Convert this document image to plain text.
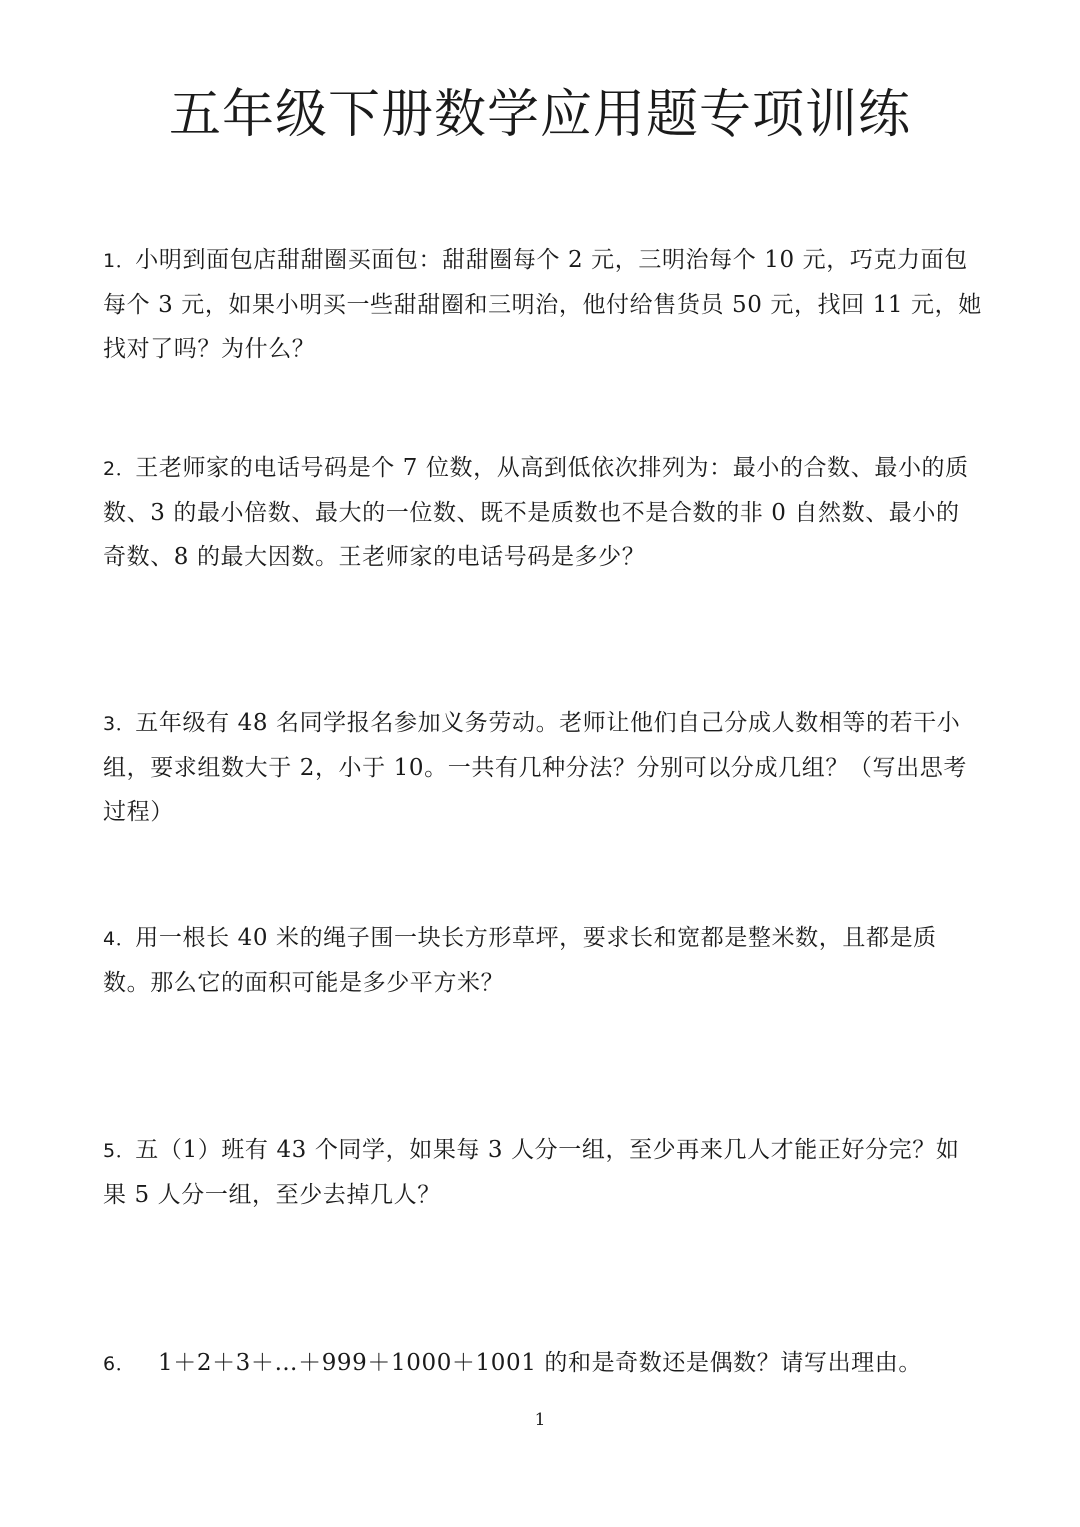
五年级下册数学应用题专项训练
1．小明到面包店甜甜圈买面包：甜甜圈每个 2 元，三明治每个 10 元，巧克力面包每个 3 元，如果小明买一些甜甜圈和三明治，他付给售货员 50 元，找回 11 元，她找对了吗？为什么？
2．王老师家的电话号码是个 7 位数，从高到低依次排列为：最小的合数、最小的质数、3 的最小倍数、最大的一位数、既不是质数也不是合数的非 0 自然数、最小的奇数、8 的最大因数。王老师家的电话号码是多少？
3．五年级有 48 名同学报名参加义务劳动。老师让他们自己分成人数相等的若干小组，要求组数大于 2，小于 10。一共有几种分法？分别可以分成几组？（写出思考过程）
4．用一根长 40 米的绳子围一块长方形草坪，要求长和宽都是整米数，且都是质数。那么它的面积可能是多少平方米？
5．五（1）班有 43 个同学，如果每 3 人分一组，至少再来几人才能正好分完？如果 5 人分一组，至少去掉几人？
6． 1＋2＋3＋…＋999＋1000＋1001 的和是奇数还是偶数？请写出理由。
1
